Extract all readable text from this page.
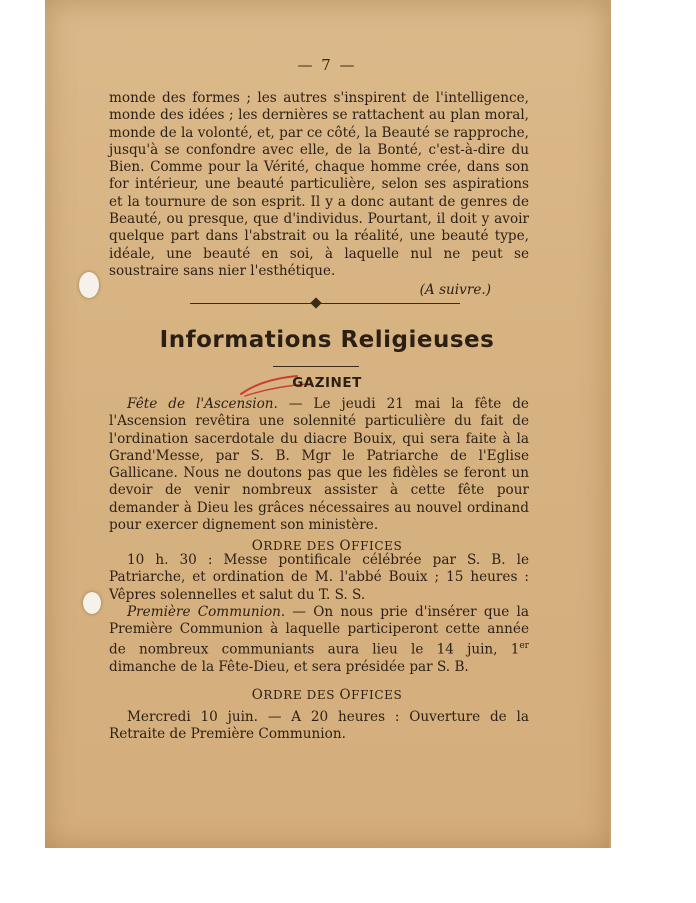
— 7 —
monde des formes ; les autres s'inspirent de l'intelligence, monde des idées ; les dernières se rattachent au plan moral, monde de la volonté, et, par ce côté, la Beauté se rapproche, jusqu'à se confondre avec elle, de la Bonté, c'est-à-dire du Bien. Comme pour la Vérité, chaque homme crée, dans son for intérieur, une beauté particulière, selon ses aspirations et la tournure de son esprit. Il y a donc autant de genres de Beauté, ou presque, que d'individus. Pourtant, il doit y avoir quelque part dans l'abstrait ou la réalité, une beauté type, idéale, une beauté en soi, à laquelle nul ne peut se soustraire sans nier l'esthétique.
(A suivre.)
Informations Religieuses
GAZINET
Fête de l'Ascension. — Le jeudi 21 mai la fête de l'Ascension revêtira une solennité particulière du fait de l'ordination sacerdotale du diacre Bouix, qui sera faite à la Grand'Messe, par S. B. Mgr le Patriarche de l'Eglise Gallicane. Nous ne doutons pas que les fidèles se feront un devoir de venir nombreux assister à cette fête pour demander à Dieu les grâces nécessaires au nouvel ordinand pour exercer dignement son ministère.
ORDRE DES OFFICES
10 h. 30 : Messe pontificale célébrée par S. B. le Patriarche, et ordination de M. l'abbé Bouix ; 15 heures : Vêpres solennelles et salut du T. S. S.
Première Communion. — On nous prie d'insérer que la Première Communion à laquelle participeront cette année de nombreux communiants aura lieu le 14 juin, 1er dimanche de la Fête-Dieu, et sera présidée par S. B.
ORDRE DES OFFICES
Mercredi 10 juin. — A 20 heures : Ouverture de la Retraite de Première Communion.
